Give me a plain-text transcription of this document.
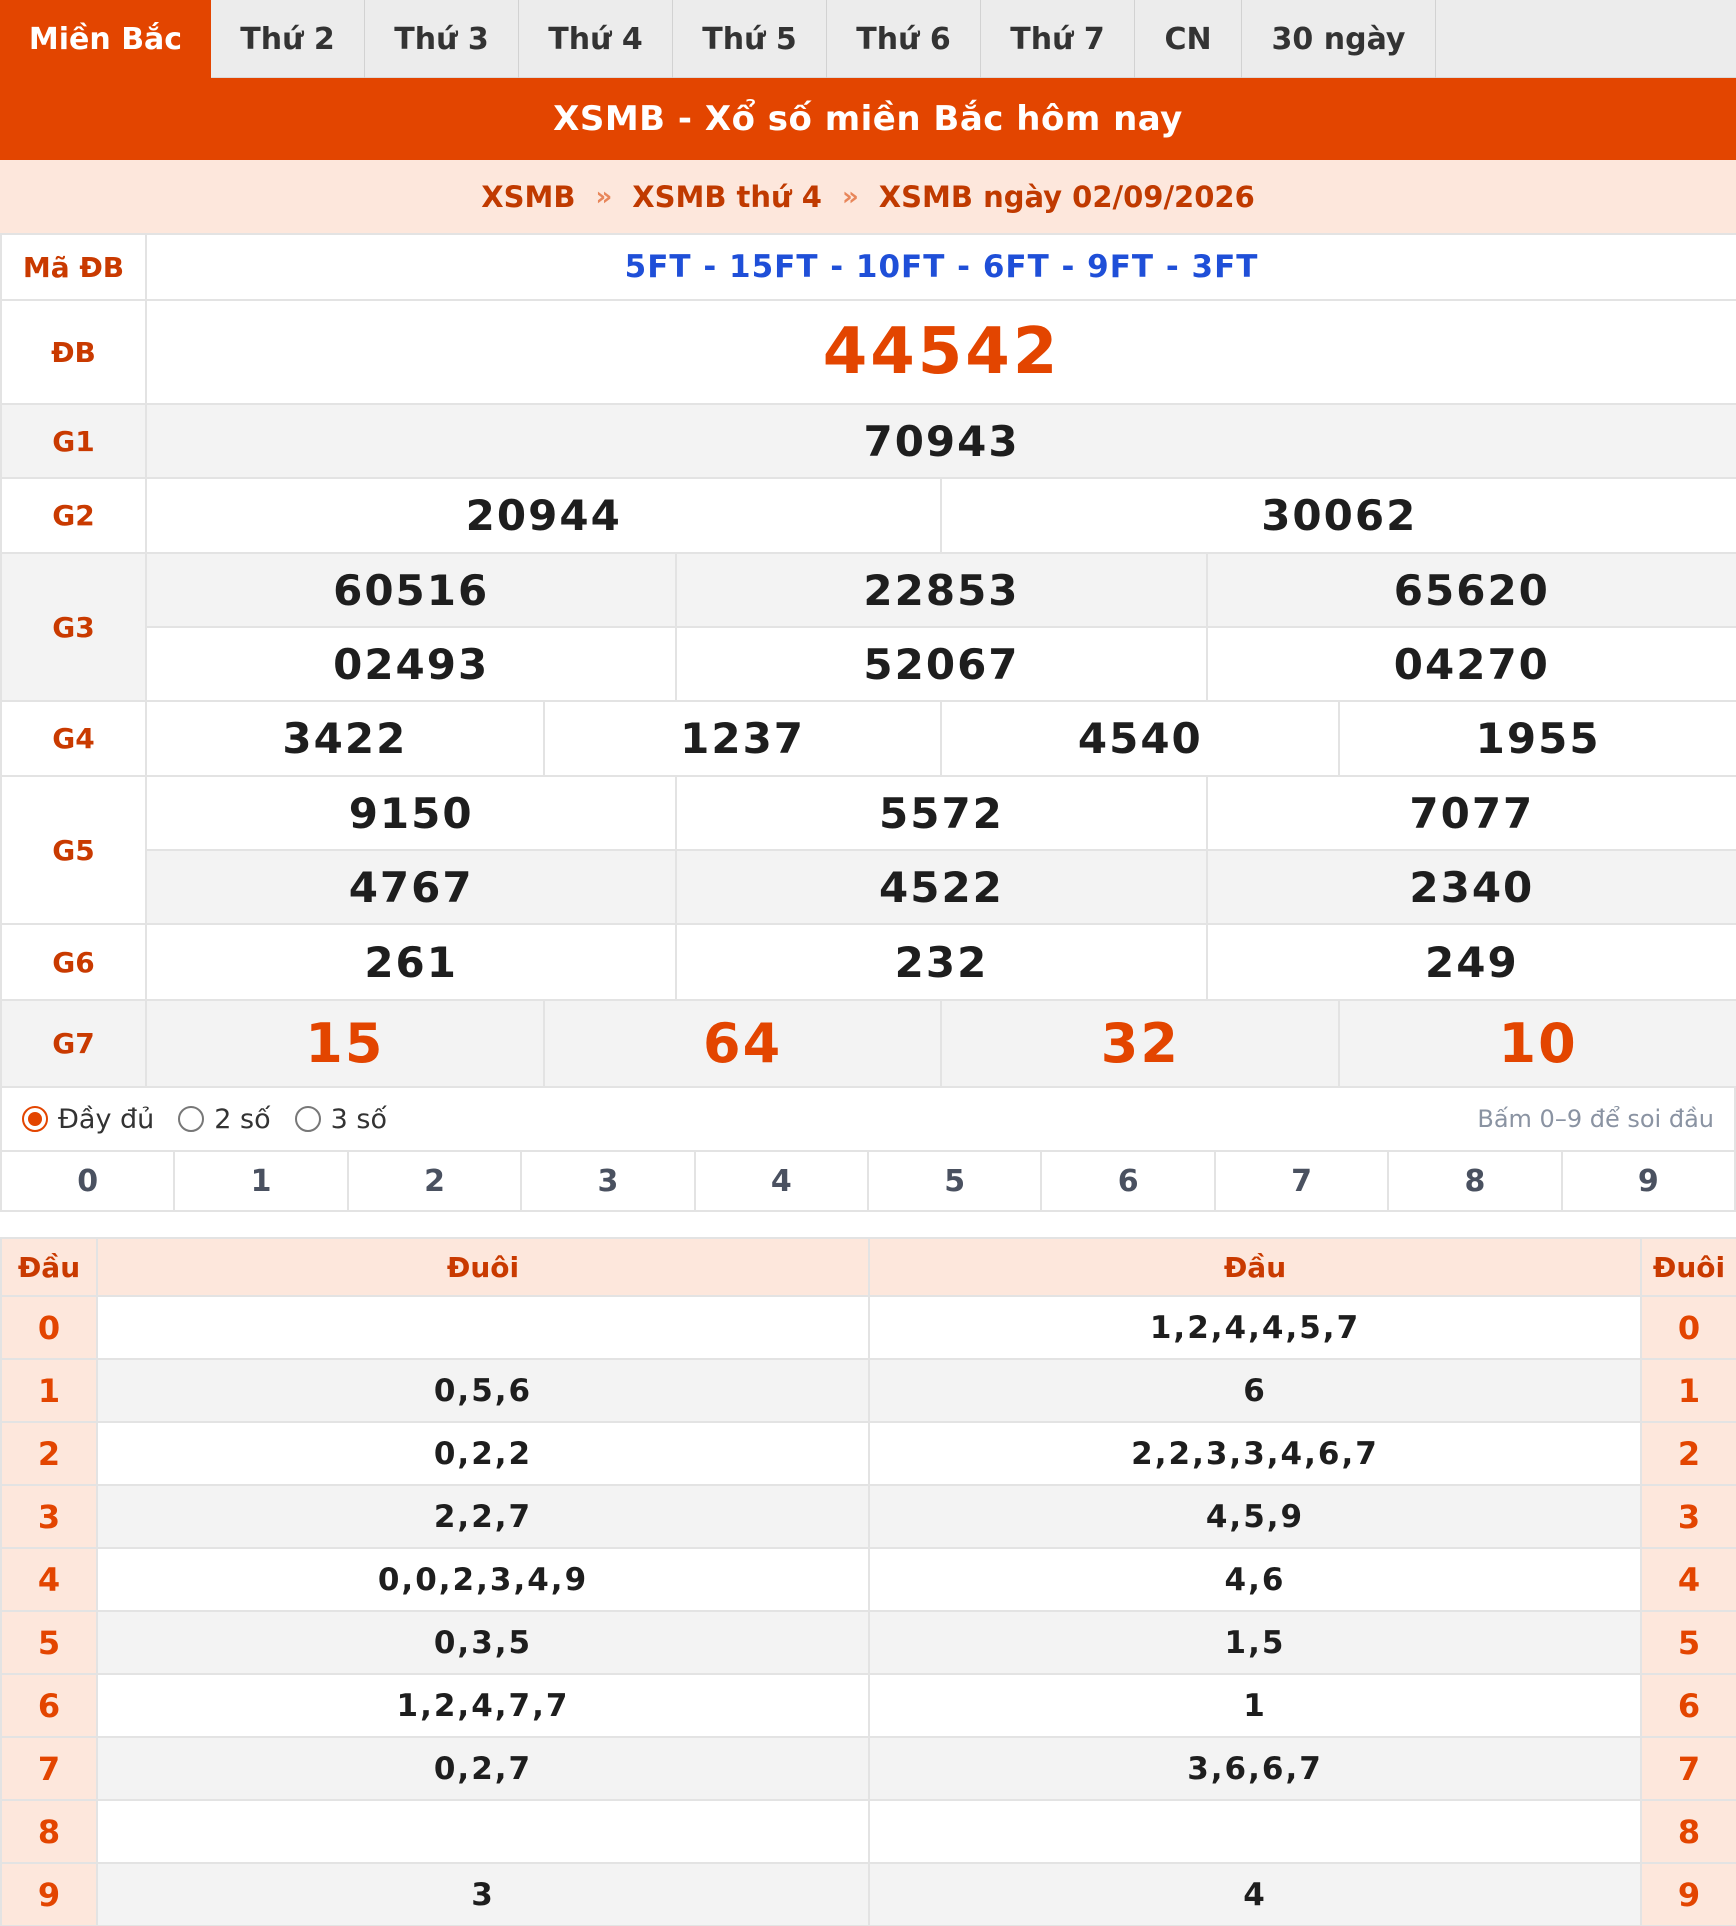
Miền Bắc	Thứ 2	Thứ 3	Thứ 4	Thứ 5	Thứ 6	Thứ 7	CN	30 ngày
XSMB - Xổ số miền Bắc hôm nay
XSMB » XSMB thứ 4 » XSMB ngày 02/09/2026
Mã ĐB	5FT - 15FT - 10FT - 6FT - 9FT - 3FT					
ĐB	44542					
G1	70943					
G2	20944			30062		
G3	60516		22853		65620	
	02493		52067		04270	
G4	3422	1237		4540		1955
G5	9150		5572		7077	
	4767		4522		2340	
G6	261		232		249	
G7	15	64		32		10
Đầy đủ 2 số 3 số	Bấm 0–9 để soi đầu
0	1	2	3	4	5	6	7	8	9
Đầu	Đuôi	Đầu	Đuôi
0		1,2,4,4,5,7	0
1	0,5,6	6	1
2	0,2,2	2,2,3,3,4,6,7	2
3	2,2,7	4,5,9	3
4	0,0,2,3,4,9	4,6	4
5	0,3,5	1,5	5
6	1,2,4,7,7	1	6
7	0,2,7	3,6,6,7	7
8			8
9	3	4	9
